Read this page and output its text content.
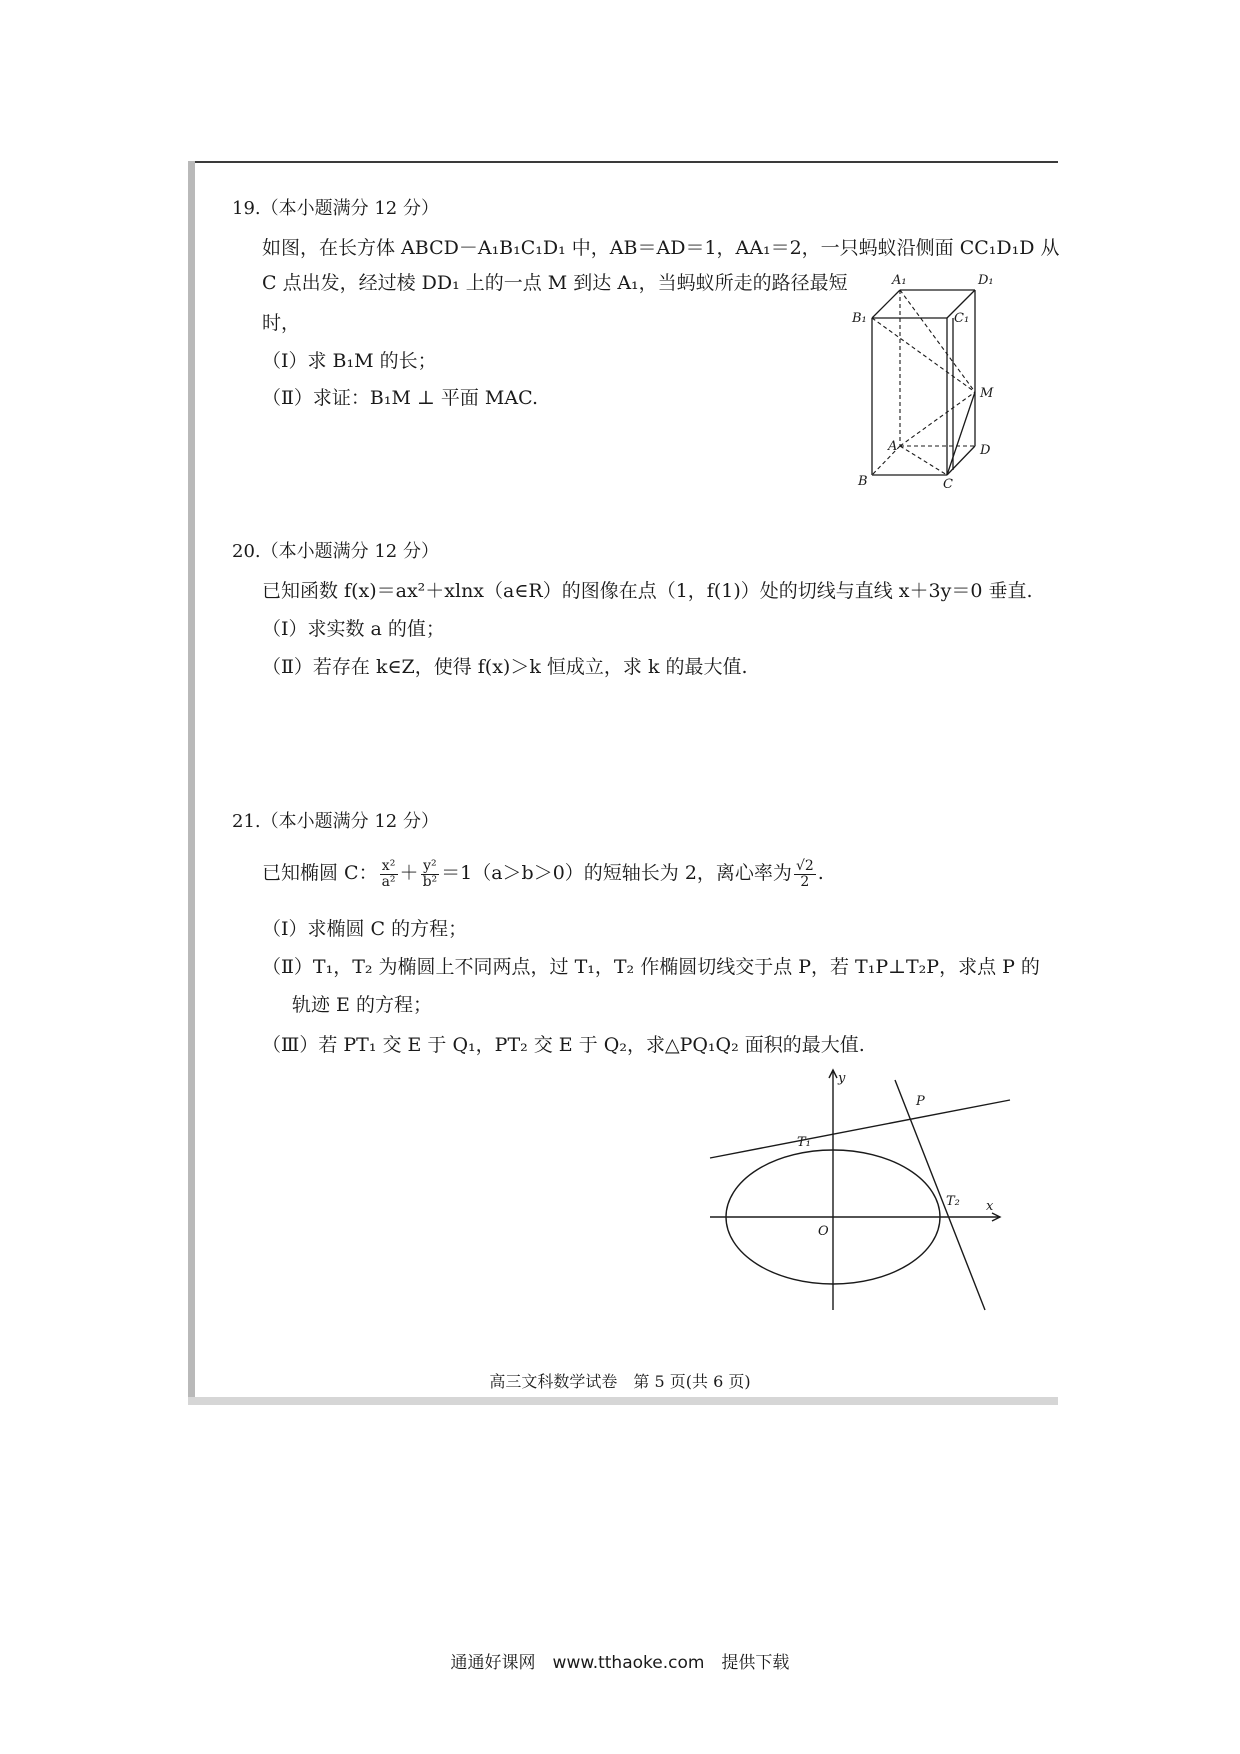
19.（本小题满分 12 分）
如图，在长方体 ABCD－A₁B₁C₁D₁ 中，AB＝AD＝1，AA₁＝2，一只蚂蚁沿侧面 CC₁D₁D 从
C 点出发，经过棱 DD₁ 上的一点 M 到达 A₁，当蚂蚁所走的路径最短
时，
（Ⅰ）求 B₁M 的长；
（Ⅱ）求证：B₁M ⊥ 平面 MAC.
A₁	D₁
B₁	C₁
M
A	D
B	C
20.（本小题满分 12 分）
已知函数 f(x)＝ax²＋xlnx（a∈R）的图像在点（1，f(1)）处的切线与直线 x＋3y＝0 垂直.
（Ⅰ）求实数 a 的值；
（Ⅱ）若存在 k∈Z，使得 f(x)＞k 恒成立，求 k 的最大值.
21.（本小题满分 12 分）
已知椭圆 C： $\frac{\text{x²}}{\text{a²}} + \frac{\text{y²}}{\text{b²}} =1(a>b>0)$的短轴长为 2，离心率为 $\frac{√2}{2}$ .
（Ⅰ）求椭圆 C 的方程；
（Ⅱ）T₁，T₂ 为椭圆上不同两点，过 T₁，T₂ 作椭圆切线交于点 P，若 T₁P⊥T₂P，求点 P 的
轨迹 E 的方程；
（Ⅲ）若 PT₁ 交 E 于 Q₁，PT₂ 交 E 于 Q₂，求△PQ₁Q₂ 面积的最大值.
y
x
O
P
T₁
T₂
高三文科数学试卷　第 5 页(共 6 页)
通通好课网　www.tthaoke.com　提供下载
